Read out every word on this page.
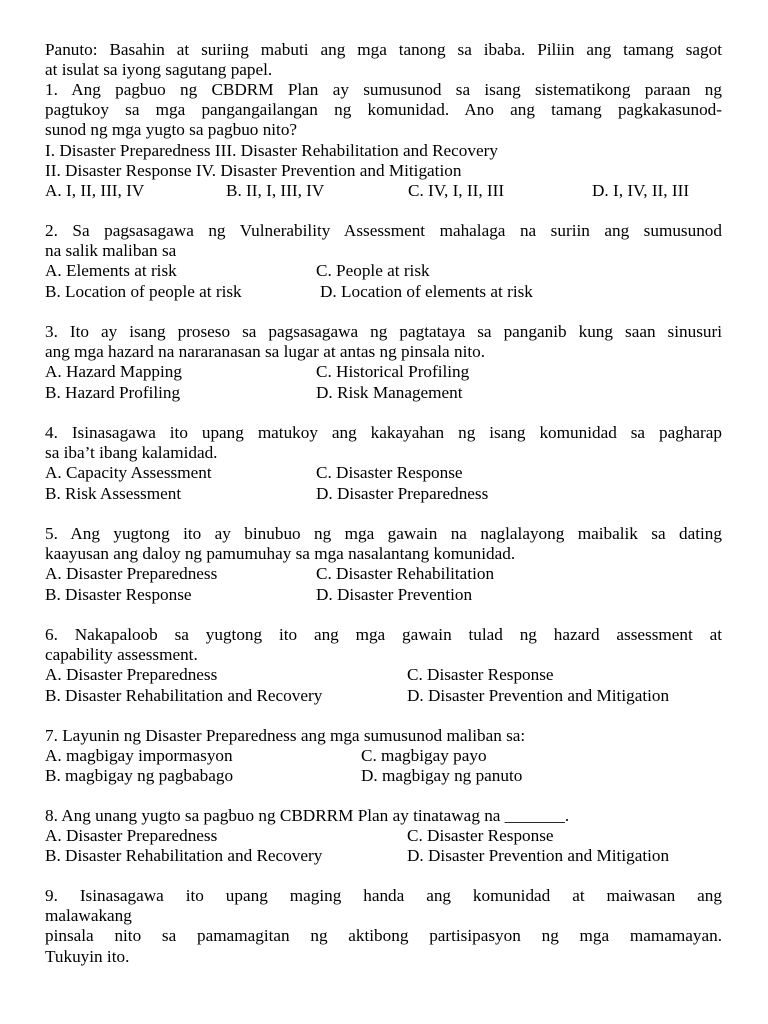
Panuto: Basahin at suriing mabuti ang mga tanong sa ibaba. Piliin ang tamang sagot
at isulat sa iyong sagutang papel.
1. Ang pagbuo ng CBDRM Plan ay sumusunod sa isang sistematikong paraan ng
pagtukoy sa mga pangangailangan ng komunidad. Ano ang tamang pagkakasunod-
sunod ng mga yugto sa pagbuo nito?
I. Disaster Preparedness III. Disaster Rehabilitation and Recovery
II. Disaster Response IV. Disaster Prevention and Mitigation
A. I, II, III, IV	B. II, I, III, IV	C. IV, I, II, III	D. I, IV, II, III
2. Sa pagsasagawa ng Vulnerability Assessment mahalaga na suriin ang sumusunod
na salik maliban sa
A. Elements at risk	C. People at risk
B. Location of people at risk	D. Location of elements at risk
3. Ito ay isang proseso sa pagsasagawa ng pagtataya sa panganib kung saan sinusuri
ang mga hazard na nararanasan sa lugar at antas ng pinsala nito.
A. Hazard Mapping	C. Historical Profiling
B. Hazard Profiling	D. Risk Management
4. Isinasagawa ito upang matukoy ang kakayahan ng isang komunidad sa pagharap
sa iba’t ibang kalamidad.
A. Capacity Assessment	C. Disaster Response
B. Risk Assessment	D. Disaster Preparedness
5. Ang yugtong ito ay binubuo ng mga gawain na naglalayong maibalik sa dating
kaayusan ang daloy ng pamumuhay sa mga nasalantang komunidad.
A. Disaster Preparedness	C. Disaster Rehabilitation
B. Disaster Response	D. Disaster Prevention
6. Nakapaloob sa yugtong ito ang mga gawain tulad ng hazard assessment at
capability assessment.
A. Disaster Preparedness	C. Disaster Response
B. Disaster Rehabilitation and Recovery	D. Disaster Prevention and Mitigation
7. Layunin ng Disaster Preparedness ang mga sumusunod maliban sa:
A. magbigay impormasyon	C. magbigay payo
B. magbigay ng pagbabago	D. magbigay ng panuto
8. Ang unang yugto sa pagbuo ng CBDRRM Plan ay tinatawag na _______.
A. Disaster Preparedness	C. Disaster Response
B. Disaster Rehabilitation and Recovery	D. Disaster Prevention and Mitigation
9. Isinasagawa ito upang maging handa ang komunidad at maiwasan ang
malawakang
pinsala nito sa pamamagitan ng aktibong partisipasyon ng mga mamamayan.
Tukuyin ito.
